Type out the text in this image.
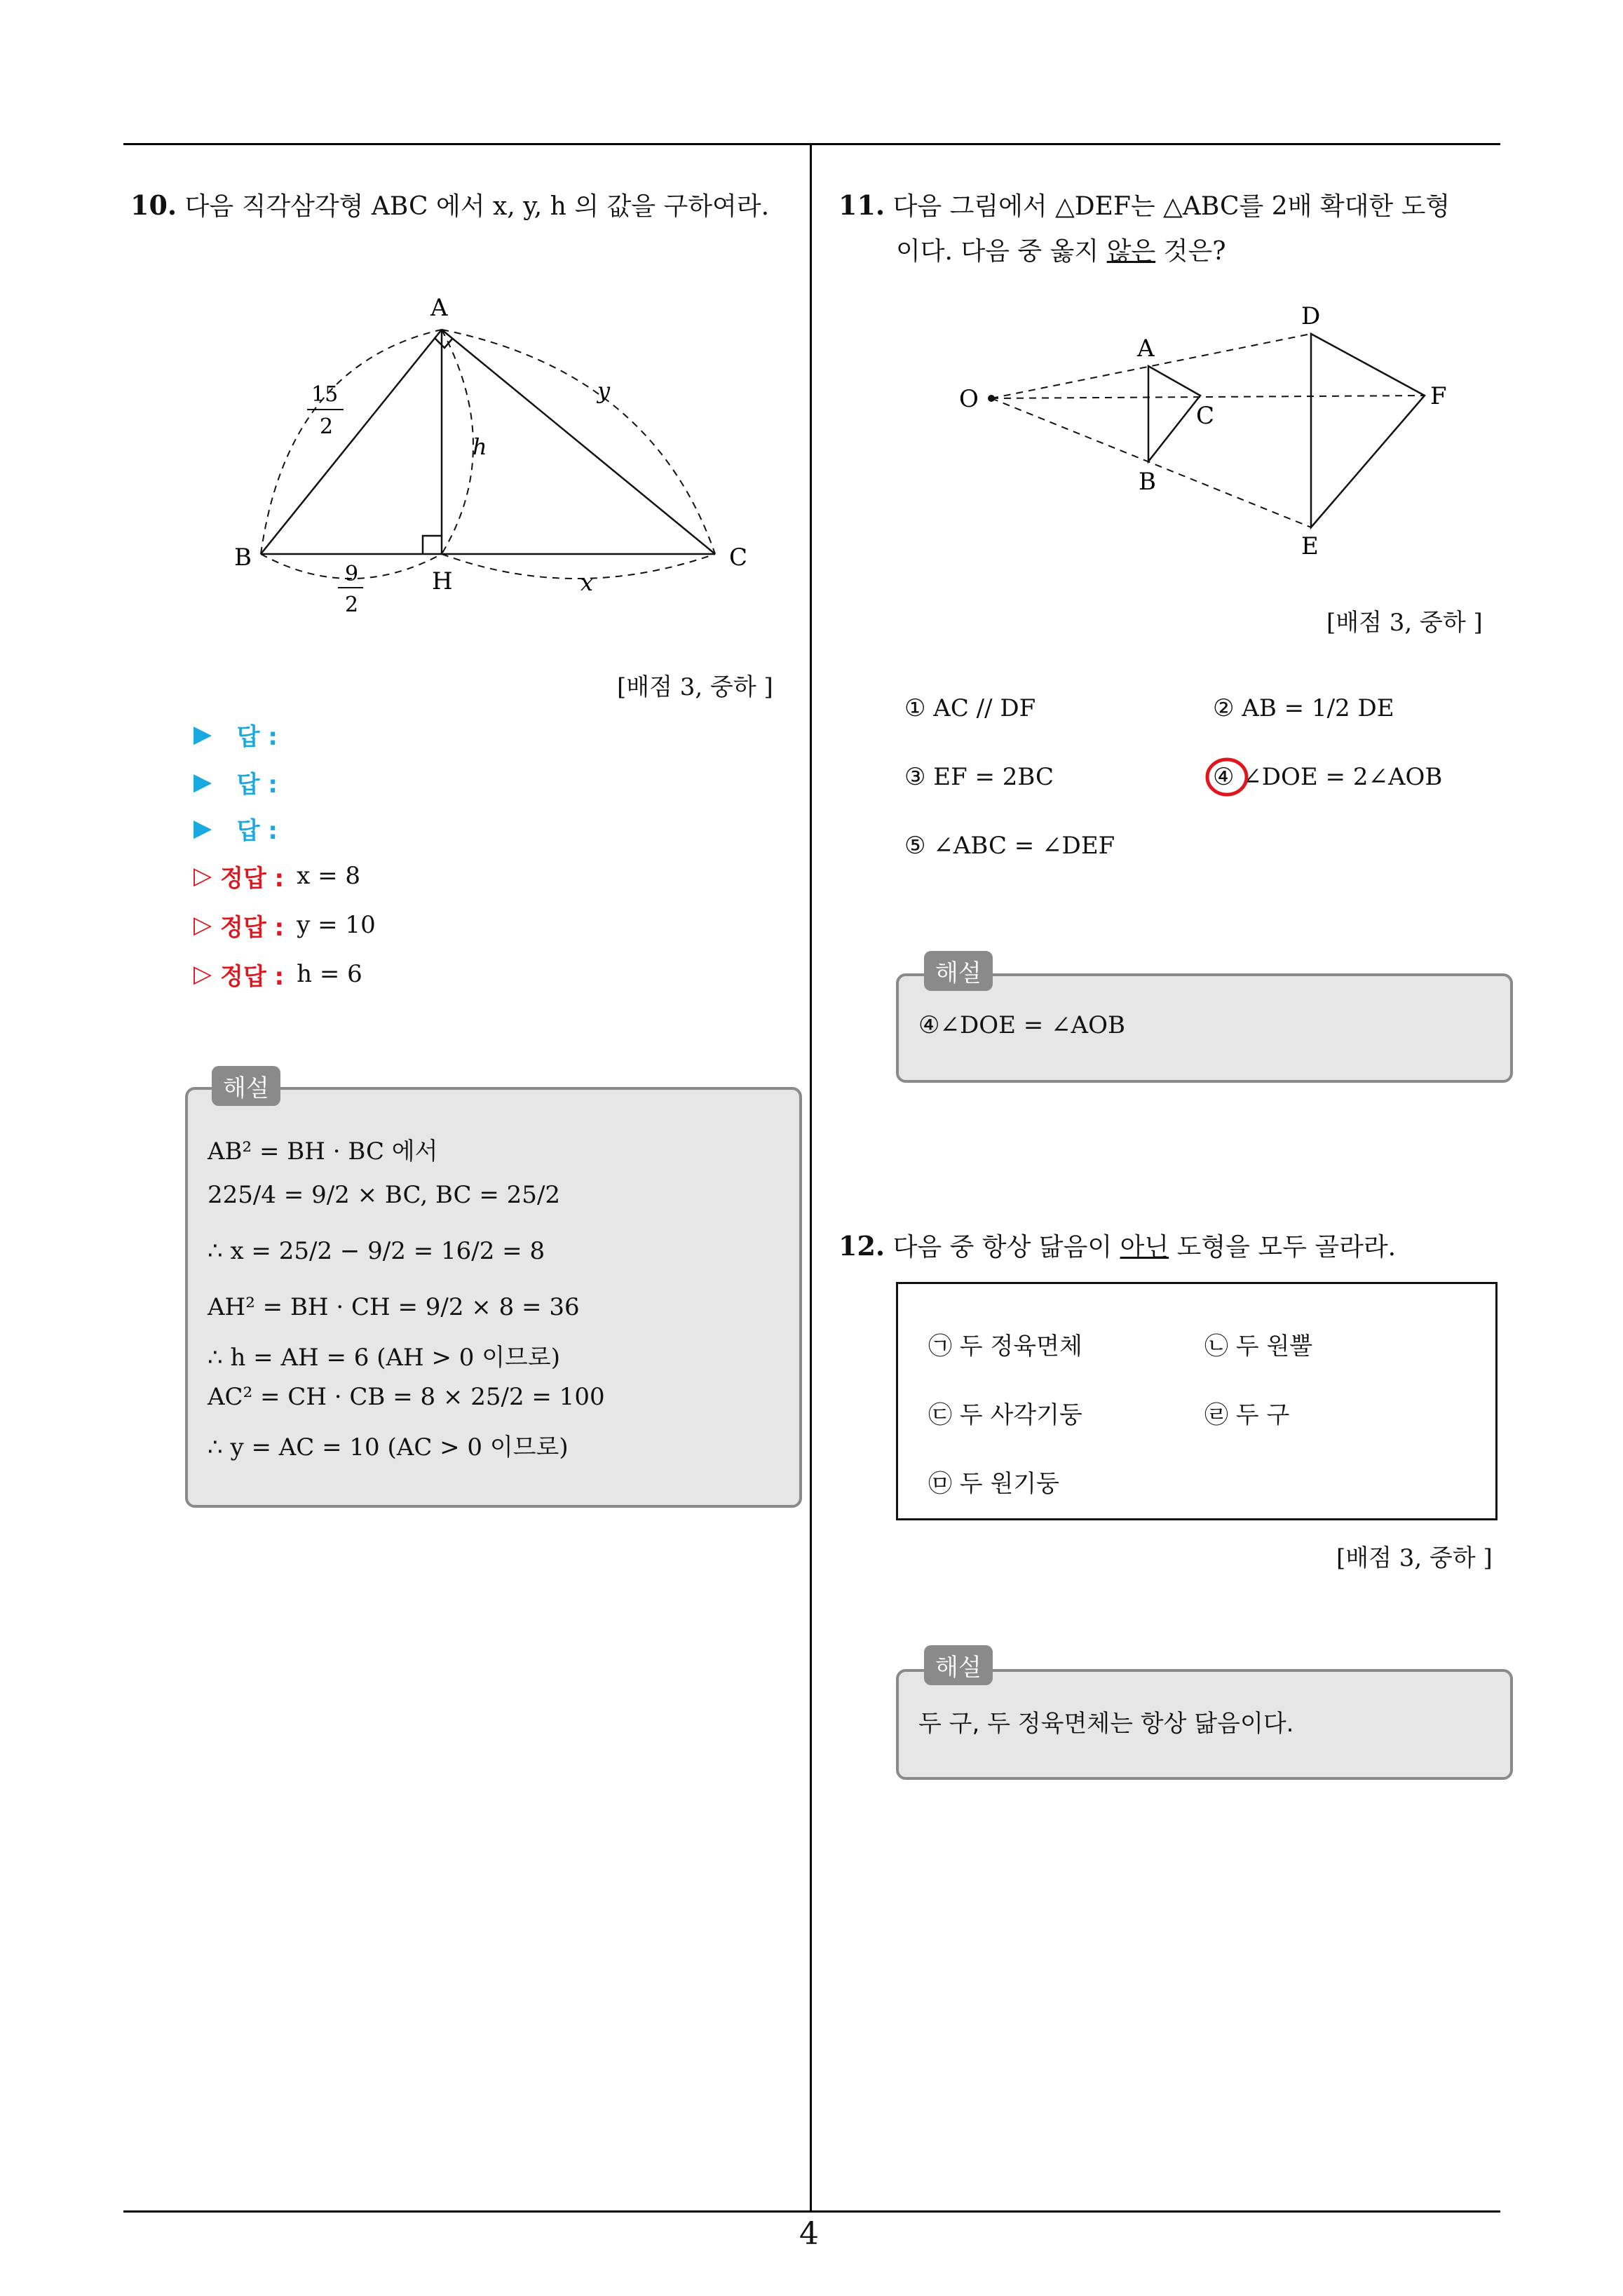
4
10. 다음 직각삼각형 ABC 에서 x, y, h 의 값을 구하여라.
A
B	C
H
15
2
9
2
y
h
x
[배점 3, 중하 ]
▶
답 :
▶
답 :
▶
답 :
▷
정답 : x = 8
▷
정답 : y = 10
▷
정답 : h = 6
해설
AB² = BH · BC 에서
225/4 = 9/2 × BC, BC = 25/2
∴ x = 25/2 − 9/2 = 16/2 = 8
AH² = BH · CH = 9/2 × 8 = 36
∴ h = AH = 6 (AH > 0 이므로)
AC² = CH · CB = 8 × 25/2 = 100
∴ y = AC = 10 (AC > 0 이므로)
11. 다음 그림에서 △DEF는 △ABC를 2배 확대한 도형
이다. 다음 중 옳지 않은 것은?
O
A
B
C
D
E
F
[배점 3, 중하 ]
① AC // DF	② AB = 1/2 DE
③ EF = 2BC	④ ∠DOE = 2∠AOB
⑤ ∠ABC = ∠DEF
해설
④∠DOE = ∠AOB
12. 다음 중 항상 닮음이 아닌 도형을 모두 골라라.
㉠ 두 정육면체	㉡ 두 원뿔
㉢ 두 사각기둥	㉣ 두 구
㉤ 두 원기둥
[배점 3, 중하 ]
해설
두 구, 두 정육면체는 항상 닮음이다.
